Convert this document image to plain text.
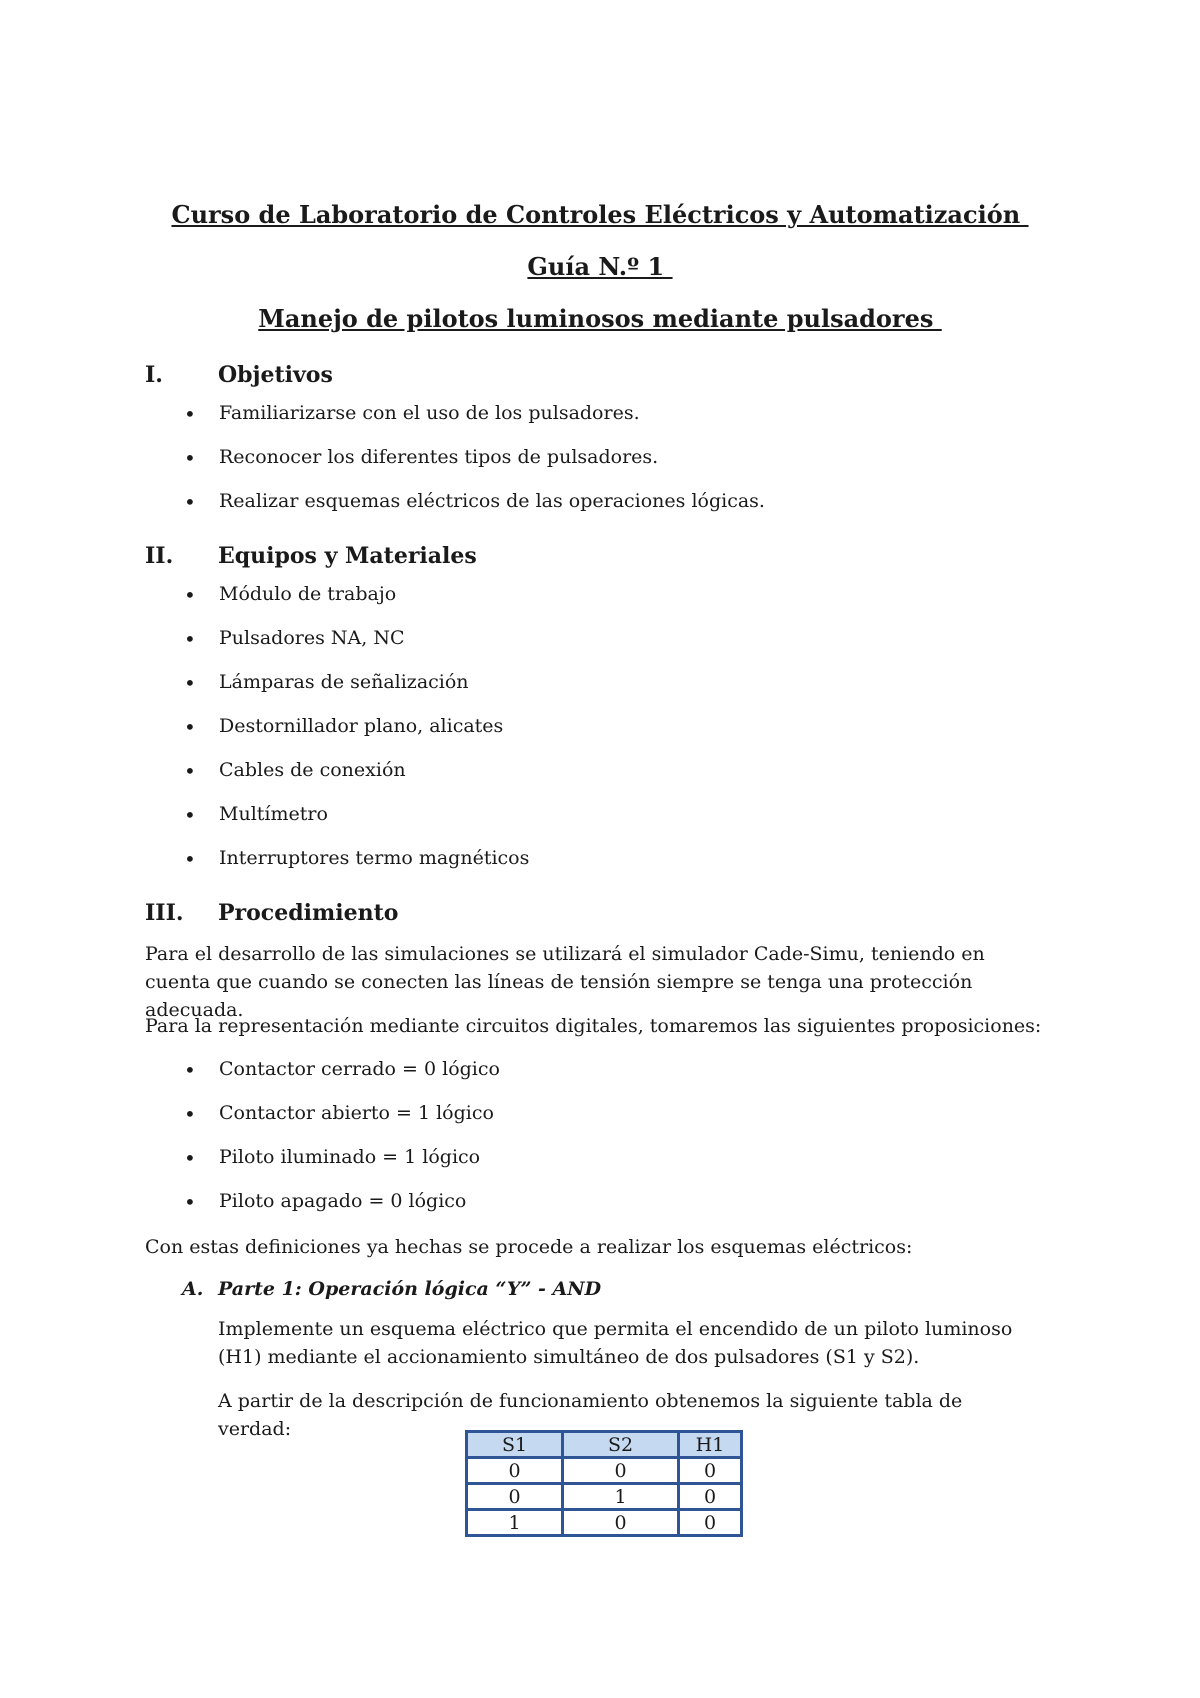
Curso de Laboratorio de Controles Eléctricos y Automatización
Guía N.º 1
Manejo de pilotos luminosos mediante pulsadores
I.	Objetivos
• Familiarizarse con el uso de los pulsadores.
• Reconocer los diferentes tipos de pulsadores.
• Realizar esquemas eléctricos de las operaciones lógicas.
II. Equipos y Materiales
• Módulo de trabajo
• Pulsadores NA, NC
• Lámparas de señalización
• Destornillador plano, alicates
• Cables de conexión
• Multímetro
• Interruptores termo magnéticos
III. Procedimiento
Para el desarrollo de las simulaciones se utilizará el simulador Cade-Simu, teniendo en cuenta que cuando se conecten las líneas de tensión siempre se tenga una protección adecuada.
Para la representación mediante circuitos digitales, tomaremos las siguientes proposiciones:
• Contactor cerrado = 0 lógico
• Contactor abierto = 1 lógico
• Piloto iluminado = 1 lógico
• Piloto apagado = 0 lógico
Con estas definiciones ya hechas se procede a realizar los esquemas eléctricos:
A. Parte 1: Operación lógica “Y” - AND
Implemente un esquema eléctrico que permita el encendido de un piloto luminoso (H1) mediante el accionamiento simultáneo de dos pulsadores (S1 y S2).
A partir de la descripción de funcionamiento obtenemos la siguiente tabla de verdad:
S1	S2	H1
0	0	0
0	1	0
1	0	0
